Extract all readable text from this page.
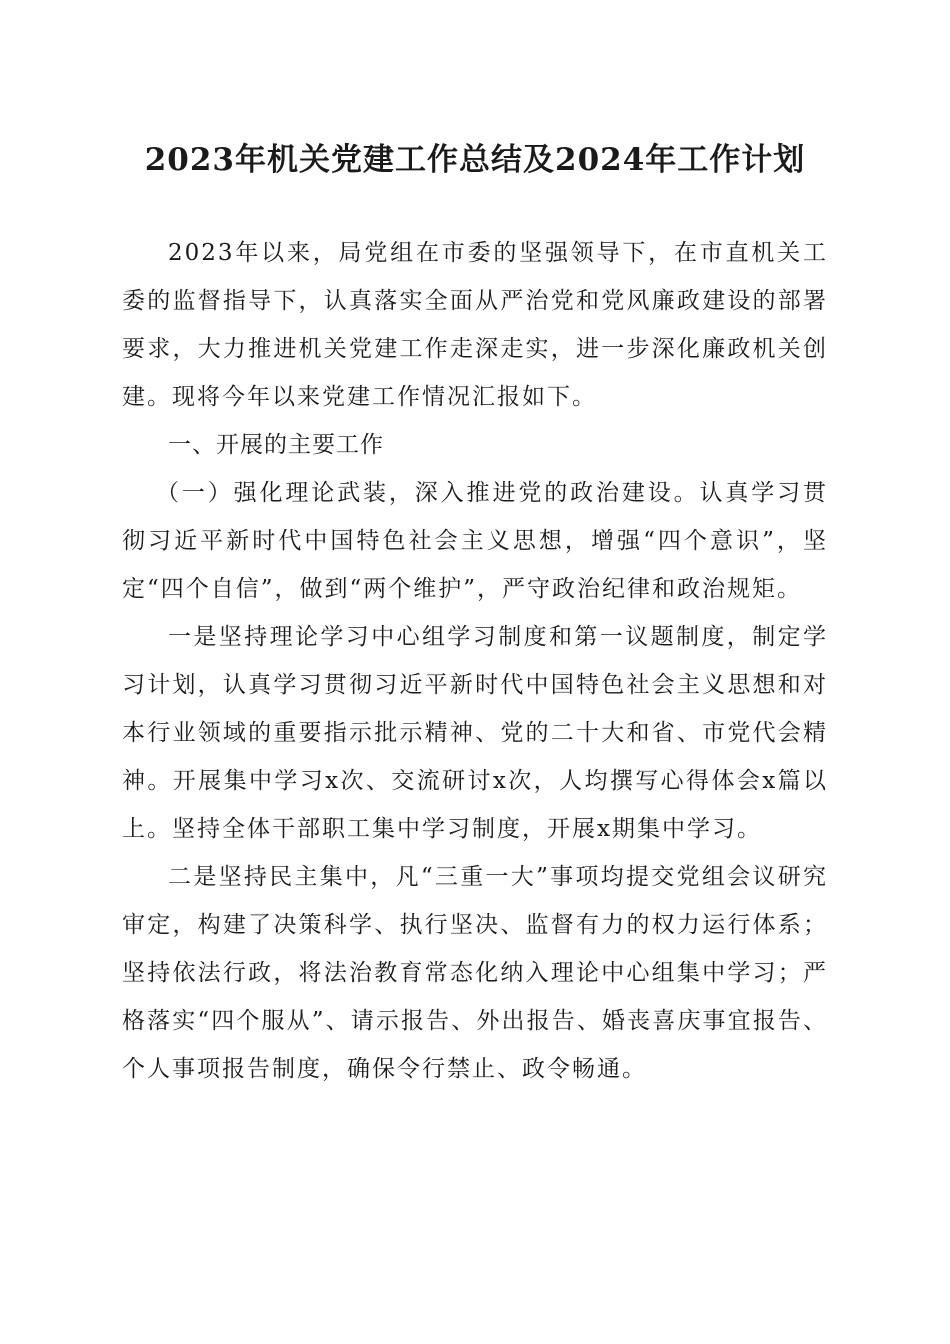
2023年机关党建工作总结及2024年工作计划

2023年以来，局党组在市委的坚强领导下，在市直机关工委的监督指导下，认真落实全面从严治党和党风廉政建设的部署要求，大力推进机关党建工作走深走实，进一步深化廉政机关创建。现将今年以来党建工作情况汇报如下。

一、开展的主要工作

（一）强化理论武装，深入推进党的政治建设。认真学习贯彻习近平新时代中国特色社会主义思想，增强“四个意识”，坚定“四个自信”，做到“两个维护”，严守政治纪律和政治规矩。

一是坚持理论学习中心组学习制度和第一议题制度，制定学习计划，认真学习贯彻习近平新时代中国特色社会主义思想和对本行业领域的重要指示批示精神、党的二十大和省、市党代会精神。开展集中学习x次、交流研讨x次，人均撰写心得体会x篇以上。坚持全体干部职工集中学习制度，开展x期集中学习。

二是坚持民主集中，凡“三重一大”事项均提交党组会议研究审定，构建了决策科学、执行坚决、监督有力的权力运行体系；坚持依法行政，将法治教育常态化纳入理论中心组集中学习；严格落实“四个服从”、请示报告、外出报告、婚丧喜庆事宜报告、个人事项报告制度，确保令行禁止、政令畅通。
